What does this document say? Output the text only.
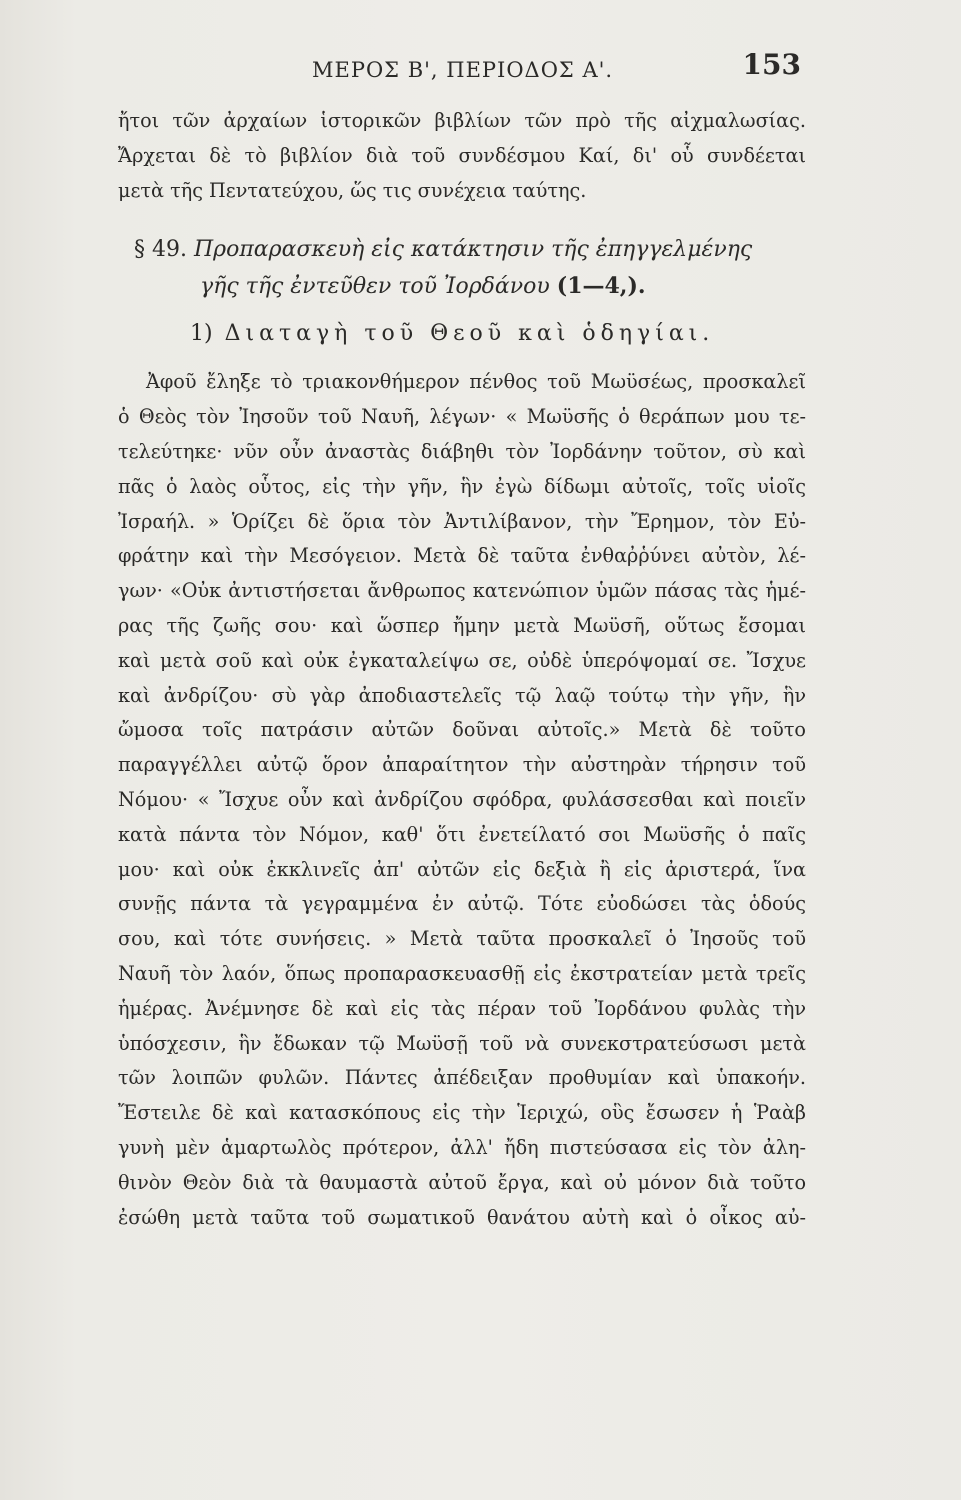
ΜΕΡΟΣ Β', ΠΕΡΙΟΔΟΣ Α'.	153
ἤτοι τῶν ἀρχαίων ἱστορικῶν βιβλίων τῶν πρὸ τῆς αἰχμαλωσίας.
Ἄρχεται δὲ τὸ βιβλίον διὰ τοῦ συνδέσμου Καί, δι' οὗ συνδέεται
μετὰ τῆς Πεντατεύχου, ὥς τις συνέχεια ταύτης.
§ 49. Προπαρασκευὴ εἰς κατάκτησιν τῆς ἐπηγγελμένης
γῆς τῆς ἐντεῦθεν τοῦ Ἰορδάνου (1—4,).
1) Διαταγὴ τοῦ Θεοῦ καὶ ὁδηγίαι.
Ἀφοῦ ἔληξε τὸ τριακονθήμερον πένθος τοῦ Μωϋσέως, προσκαλεῖ
ὁ Θεὸς τὸν Ἰησοῦν τοῦ Ναυῆ, λέγων· « Μωϋσῆς ὁ θεράπων μου τε-
τελεύτηκε· νῦν οὖν ἀναστὰς διάβηθι τὸν Ἰορδάνην τοῦτον, σὺ καὶ
πᾶς ὁ λαὸς οὗτος, εἰς τὴν γῆν, ἣν ἐγὼ δίδωμι αὐτοῖς, τοῖς υἱοῖς
Ἰσραήλ. » Ὁρίζει δὲ ὅρια τὸν Ἀντιλίβανον, τὴν Ἔρημον, τὸν Εὐ-
φράτην καὶ τὴν Μεσόγειον. Μετὰ δὲ ταῦτα ἐνθαῤῥύνει αὐτὸν, λέ-
γων· «Οὐκ ἀντιστήσεται ἄνθρωπος κατενώπιον ὑμῶν πάσας τὰς ἡμέ-
ρας τῆς ζωῆς σου· καὶ ὥσπερ ἤμην μετὰ Μωϋσῆ, οὕτως ἔσομαι
καὶ μετὰ σοῦ καὶ οὐκ ἐγκαταλείψω σε, οὐδὲ ὑπερόψομαί σε. Ἴσχυε
καὶ ἀνδρίζου· σὺ γὰρ ἀποδιαστελεῖς τῷ λαῷ τούτῳ τὴν γῆν, ἣν
ὤμοσα τοῖς πατράσιν αὐτῶν δοῦναι αὐτοῖς.» Μετὰ δὲ τοῦτο
παραγγέλλει αὐτῷ ὅρον ἀπαραίτητον τὴν αὐστηρὰν τήρησιν τοῦ
Νόμου· « Ἴσχυε οὖν καὶ ἀνδρίζου σφόδρα, φυλάσσεσθαι καὶ ποιεῖν
κατὰ πάντα τὸν Νόμον, καθ' ὅτι ἐνετείλατό σοι Μωϋσῆς ὁ παῖς
μου· καὶ οὐκ ἐκκλινεῖς ἀπ' αὐτῶν εἰς δεξιὰ ἢ εἰς ἀριστερά, ἵνα
συνῇς πάντα τὰ γεγραμμένα ἐν αὐτῷ. Τότε εὐοδώσει τὰς ὁδούς
σου, καὶ τότε συνήσεις. » Μετὰ ταῦτα προσκαλεῖ ὁ Ἰησοῦς τοῦ
Ναυῆ τὸν λαόν, ὅπως προπαρασκευασθῇ εἰς ἐκστρατείαν μετὰ τρεῖς
ἡμέρας. Ἀνέμνησε δὲ καὶ εἰς τὰς πέραν τοῦ Ἰορδάνου φυλὰς τὴν
ὑπόσχεσιν, ἣν ἔδωκαν τῷ Μωϋσῇ τοῦ νὰ συνεκστρατεύσωσι μετὰ
τῶν λοιπῶν φυλῶν. Πάντες ἀπέδειξαν προθυμίαν καὶ ὑπακοήν.
Ἔστειλε δὲ καὶ κατασκόπους εἰς τὴν Ἱεριχώ, οὓς ἔσωσεν ἡ Ῥαὰβ
γυνὴ μὲν ἁμαρτωλὸς πρότερον, ἀλλ' ἤδη πιστεύσασα εἰς τὸν ἀλη-
θινὸν Θεὸν διὰ τὰ θαυμαστὰ αὐτοῦ ἔργα, καὶ οὐ μόνον διὰ τοῦτο
ἐσώθη μετὰ ταῦτα τοῦ σωματικοῦ θανάτου αὐτὴ καὶ ὁ οἶκος αὐ-
